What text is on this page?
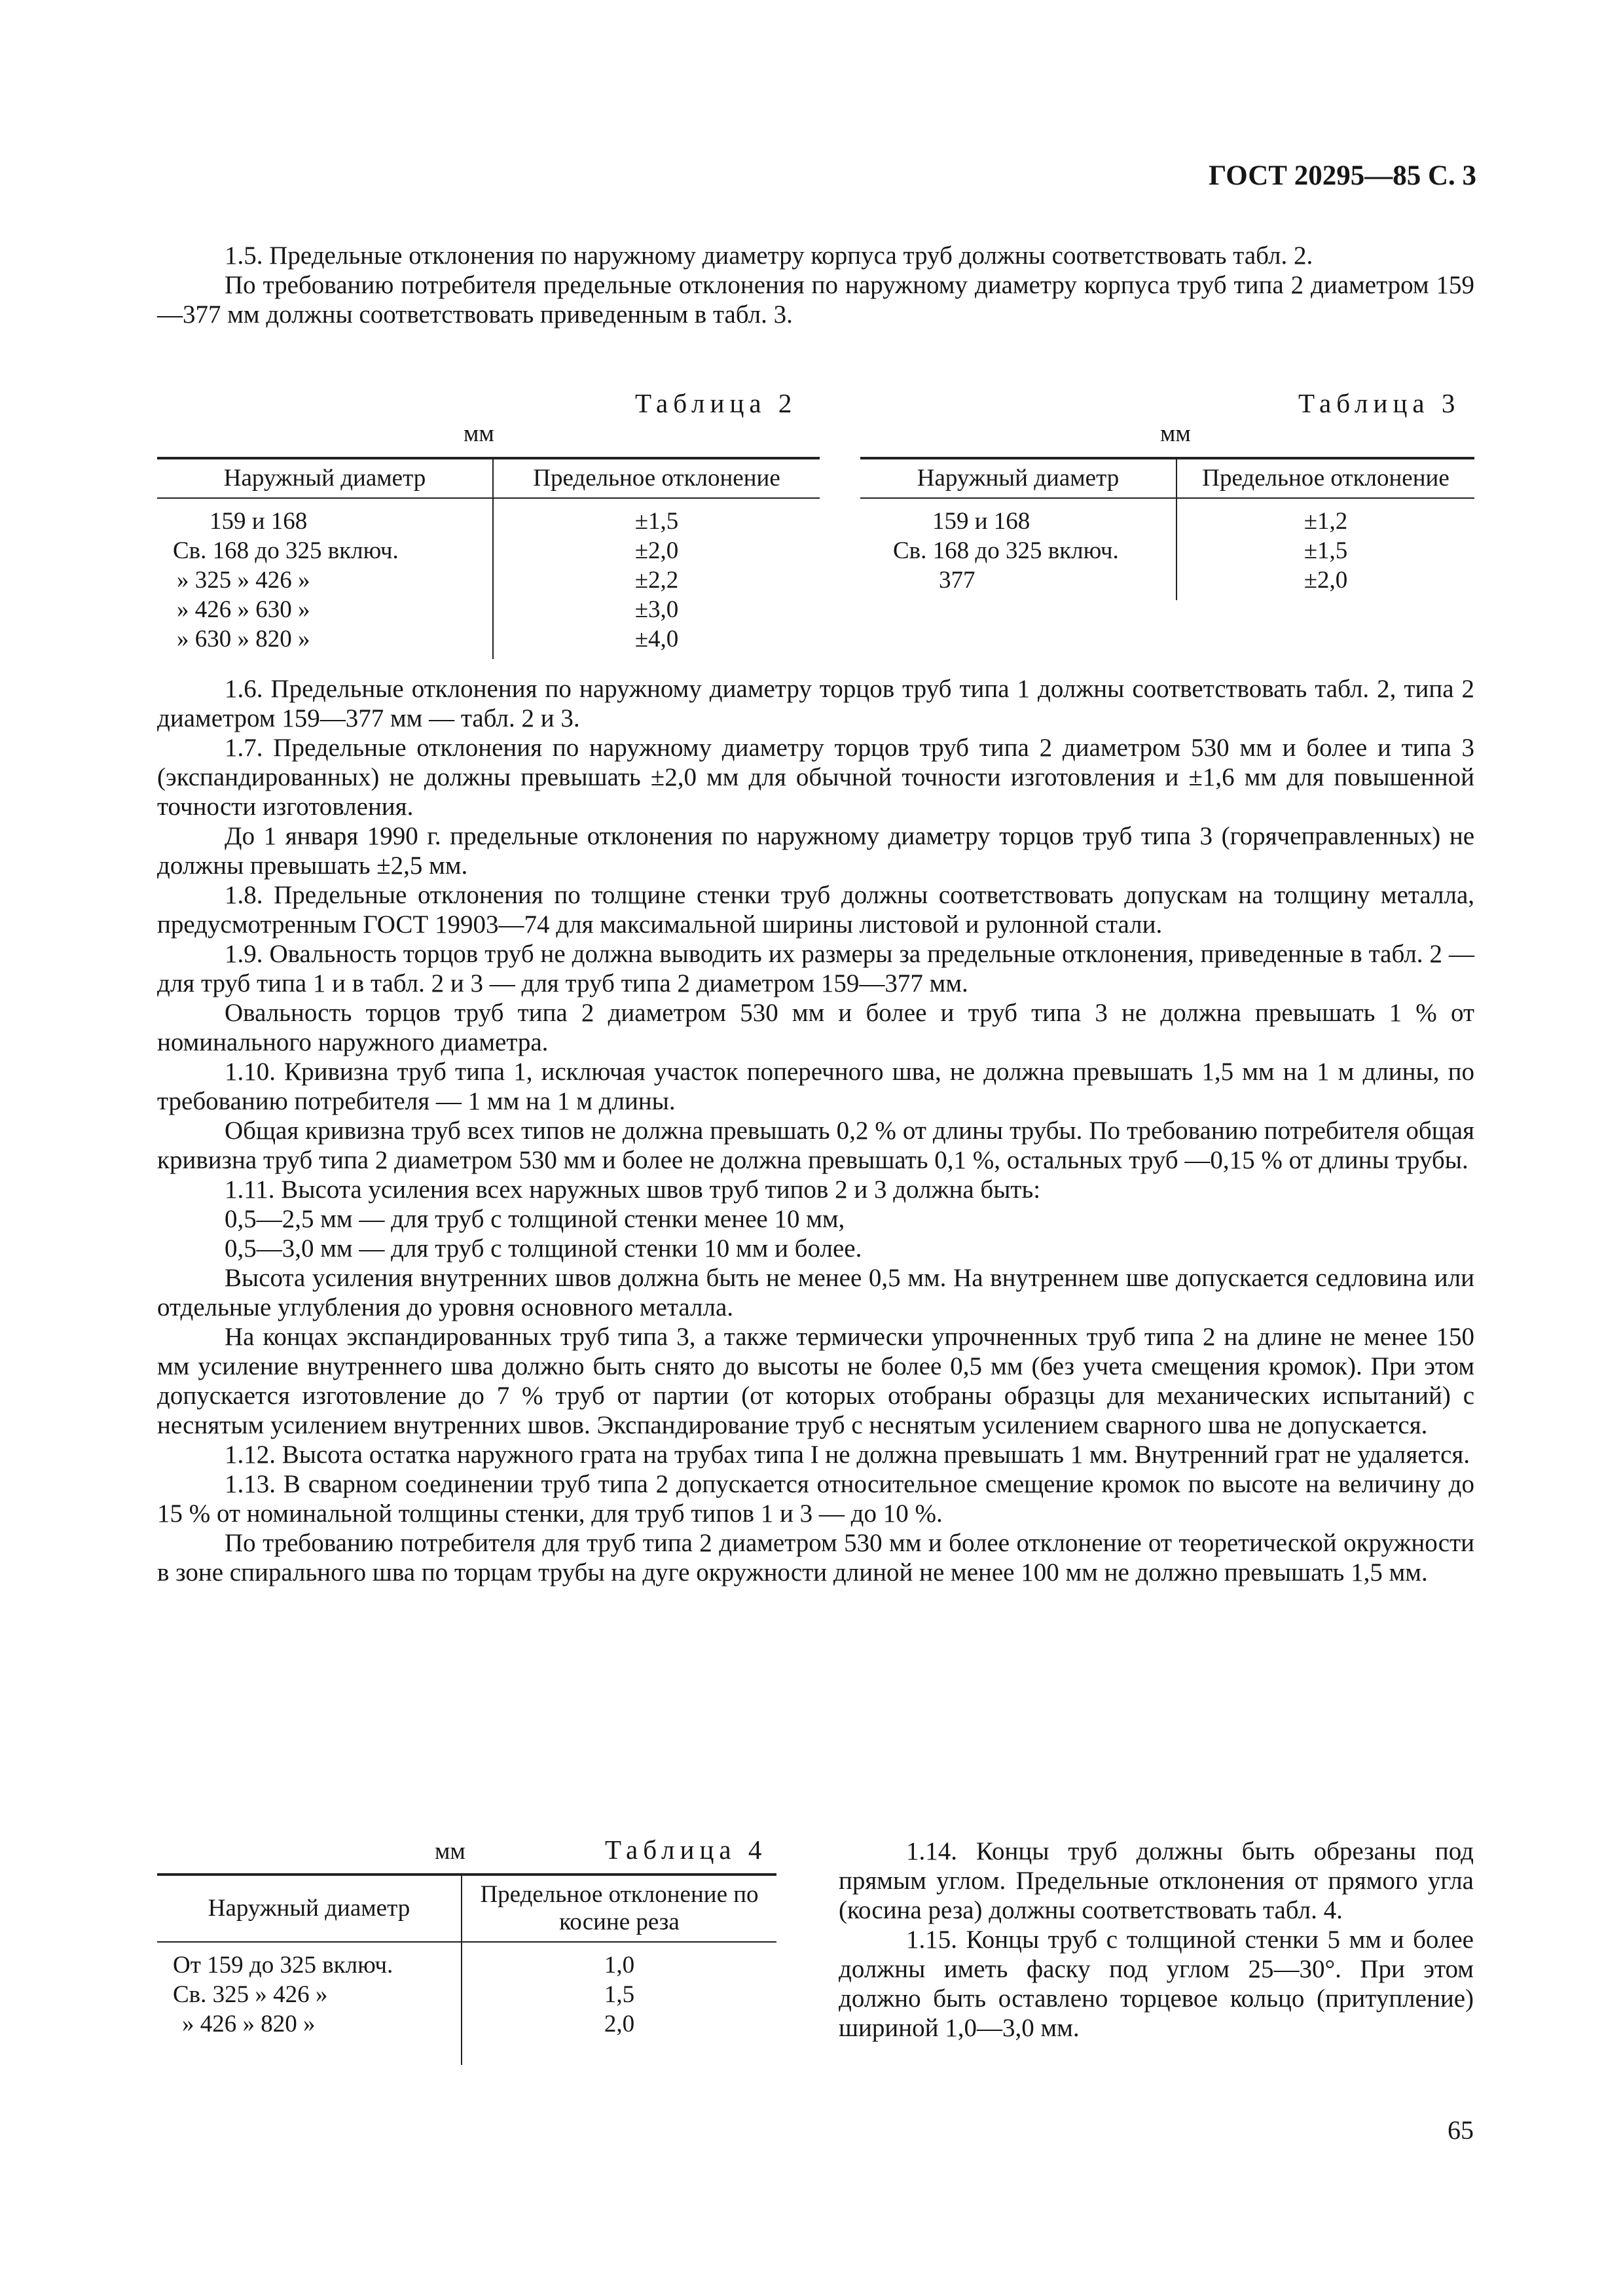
ГОСТ 20295—85 С. 3

1.5. Предельные отклонения по наружному диаметру корпуса труб должны соответствовать табл. 2.

По требованию потребителя предельные отклонения по наружному диаметру корпуса труб типа 2 диаметром 159—377 мм должны соответствовать приведенным в табл. 3.

Таблица 2
мм
Наружный диаметр	Предельное отклонение
159 и 168	±1,5
Св. 168 до 325 включ.	±2,0
» 325 » 426 »	±2,2
» 426 » 630 »	±3,0
» 630 » 820 »	±4,0
Таблица 3
мм
Наружный диаметр	Предельное отклонение
159 и 168	±1,2
Св. 168 до 325 включ.	±1,5
377	±2,0

1.6. Предельные отклонения по наружному диаметру торцов труб типа 1 должны соответствовать табл. 2, типа 2 диаметром 159—377 мм — табл. 2 и 3.

1.7. Предельные отклонения по наружному диаметру торцов труб типа 2 диаметром 530 мм и более и типа 3 (экспандированных) не должны превышать ±2,0 мм для обычной точности изготовления и ±1,6 мм для повышенной точности изготовления.

До 1 января 1990 г. предельные отклонения по наружному диаметру торцов труб типа 3 (горячеправленных) не должны превышать ±2,5 мм.

1.8. Предельные отклонения по толщине стенки труб должны соответствовать допускам на толщину металла, предусмотренным ГОСТ 19903—74 для максимальной ширины листовой и рулонной стали.

1.9. Овальность торцов труб не должна выводить их размеры за предельные отклонения, приведенные в табл. 2 — для труб типа 1 и в табл. 2 и 3 — для труб типа 2 диаметром 159—377 мм.

Овальность торцов труб типа 2 диаметром 530 мм и более и труб типа 3 не должна превышать 1 % от номинального наружного диаметра.

1.10. Кривизна труб типа 1, исключая участок поперечного шва, не должна превышать 1,5 мм на 1 м длины, по требованию потребителя — 1 мм на 1 м длины.

Общая кривизна труб всех типов не должна превышать 0,2 % от длины трубы. По требованию потребителя общая кривизна труб типа 2 диаметром 530 мм и более не должна превышать 0,1 %, остальных труб —0,15 % от длины трубы.

1.11. Высота усиления всех наружных швов труб типов 2 и 3 должна быть:

0,5—2,5 мм — для труб с толщиной стенки менее 10 мм,

0,5—3,0 мм — для труб с толщиной стенки 10 мм и более.

Высота усиления внутренних швов должна быть не менее 0,5 мм. На внутреннем шве допускается седловина или отдельные углубления до уровня основного металла.

На концах экспандированных труб типа 3, а также термически упрочненных труб типа 2 на длине не менее 150 мм усиление внутреннего шва должно быть снято до высоты не более 0,5 мм (без учета смещения кромок). При этом допускается изготовление до 7 % труб от партии (от которых отобраны образцы для механических испытаний) с неснятым усилением внутренних швов. Экспандирование труб с неснятым усилением сварного шва не допускается.

1.12. Высота остатка наружного грата на трубах типа I не должна превышать 1 мм. Внутренний грат не удаляется.

1.13. В сварном соединении труб типа 2 допускается относительное смещение кромок по высоте на величину до 15 % от номинальной толщины стенки, для труб типов 1 и 3 — до 10 %.

По требованию потребителя для труб типа 2 диаметром 530 мм и более отклонение от теоретической окружности в зоне спирального шва по торцам трубы на дуге окружности длиной не менее 100 мм не должно превышать 1,5 мм.

мм	Таблица 4
Наружный диаметр	Предельное отклонение по косине реза
От 159 до 325 включ.	1,0
Св. 325 » 426 »	1,5
» 426 » 820 »	2,0

1.14. Концы труб должны быть обрезаны под прямым углом. Предельные отклонения от прямого угла (косина реза) должны соответствовать табл. 4.

1.15. Концы труб с толщиной стенки 5 мм и более должны иметь фаску под углом 25—30°. При этом должно быть оставлено торцевое кольцо (притупление) шириной 1,0—3,0 мм.

65
